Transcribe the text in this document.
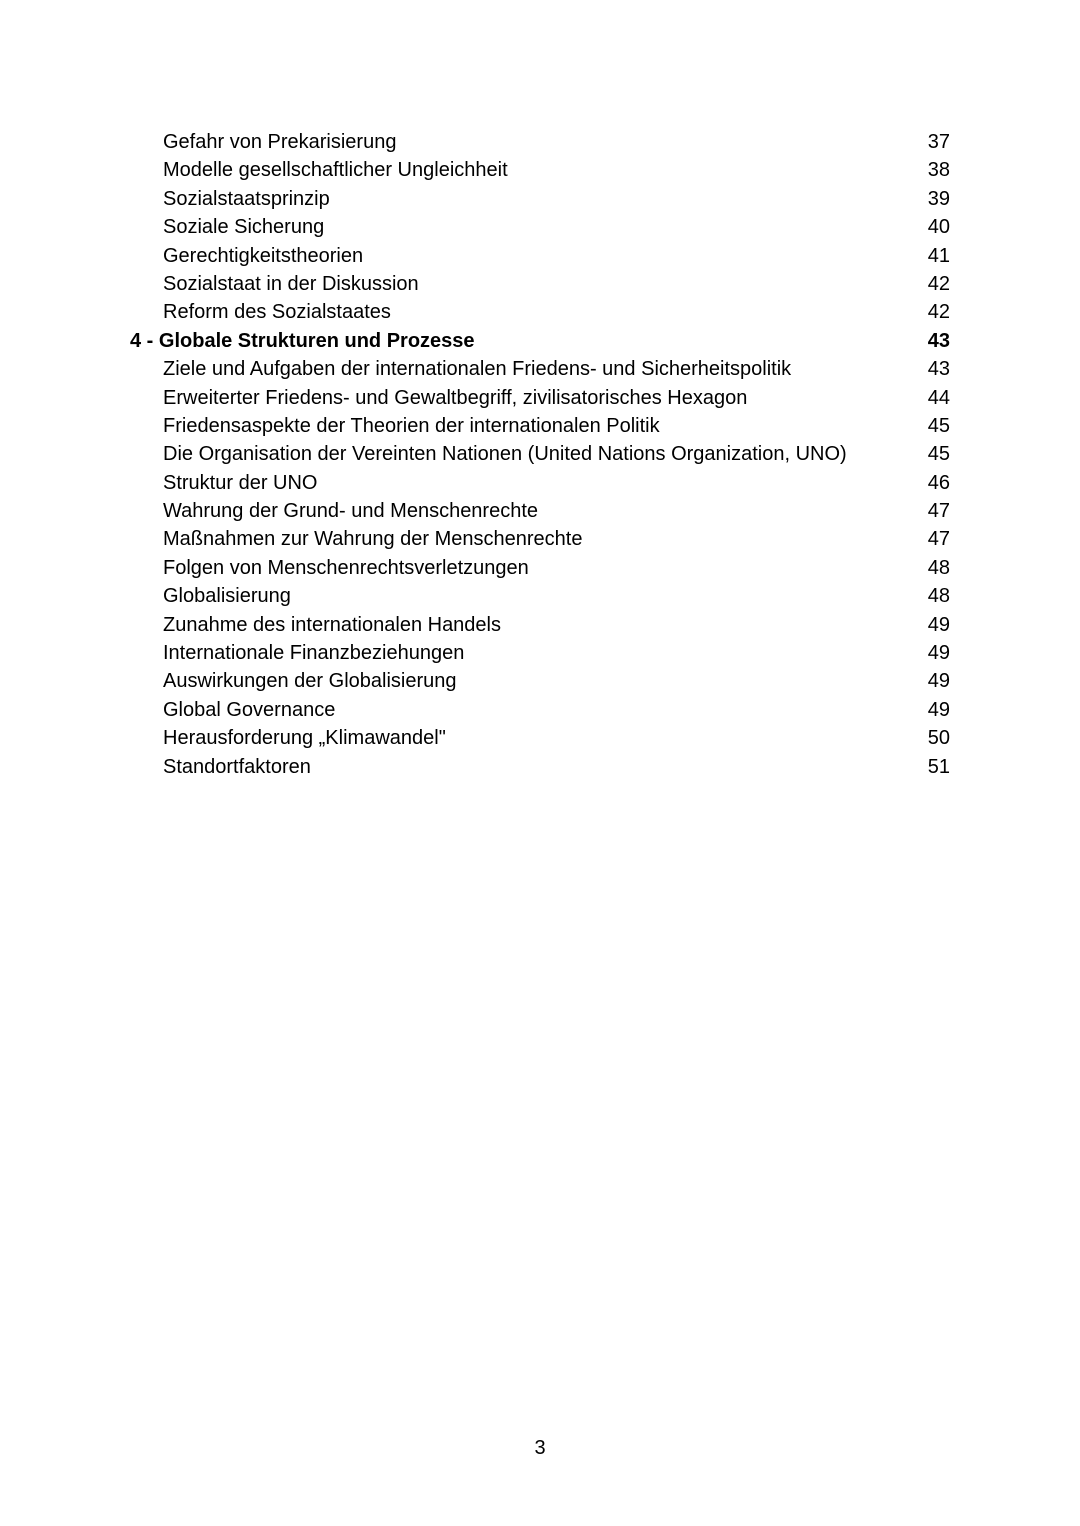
Gefahr von Prekarisierung	37
Modelle gesellschaftlicher Ungleichheit	38
Sozialstaatsprinzip	39
Soziale Sicherung	40
Gerechtigkeitstheorien	41
Sozialstaat in der Diskussion	42
Reform des Sozialstaates	42
4 - Globale Strukturen und Prozesse	43
Ziele und Aufgaben der internationalen Friedens- und Sicherheitspolitik	43
Erweiterter Friedens- und Gewaltbegriff, zivilisatorisches Hexagon	44
Friedensaspekte der Theorien der internationalen Politik	45
Die Organisation der Vereinten Nationen (United Nations Organization, UNO)	45
Struktur der UNO	46
Wahrung der Grund- und Menschenrechte	47
Maßnahmen zur Wahrung der Menschenrechte	47
Folgen von Menschenrechtsverletzungen	48
Globalisierung	48
Zunahme des internationalen Handels	49
Internationale Finanzbeziehungen	49
Auswirkungen der Globalisierung	49
Global Governance	49
Herausforderung „Klimawandel"	50
Standortfaktoren	51
3
